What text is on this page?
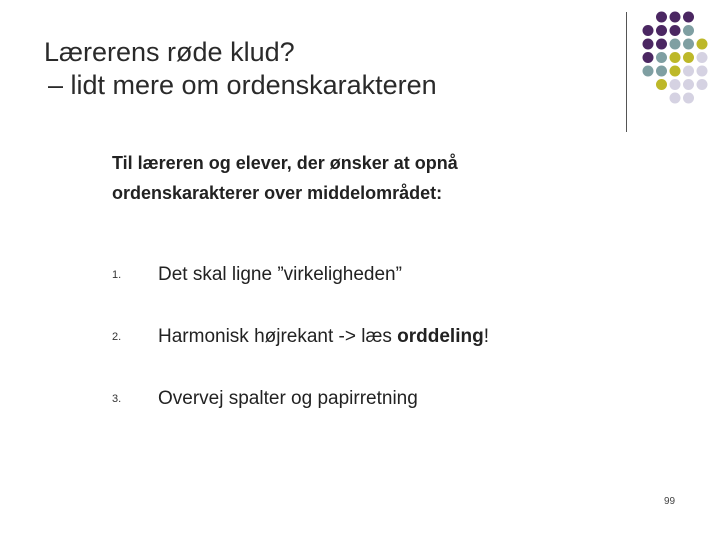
Lærerens røde klud?
– lidt mere om ordenskarakteren
Til læreren og elever, der ønsker at opnå
ordenskarakterer over middelområdet:
1. Det skal ligne ”virkeligheden”
2. Harmonisk højrekant -> læs orddeling!
3. Overvej spalter og papirretning
99
